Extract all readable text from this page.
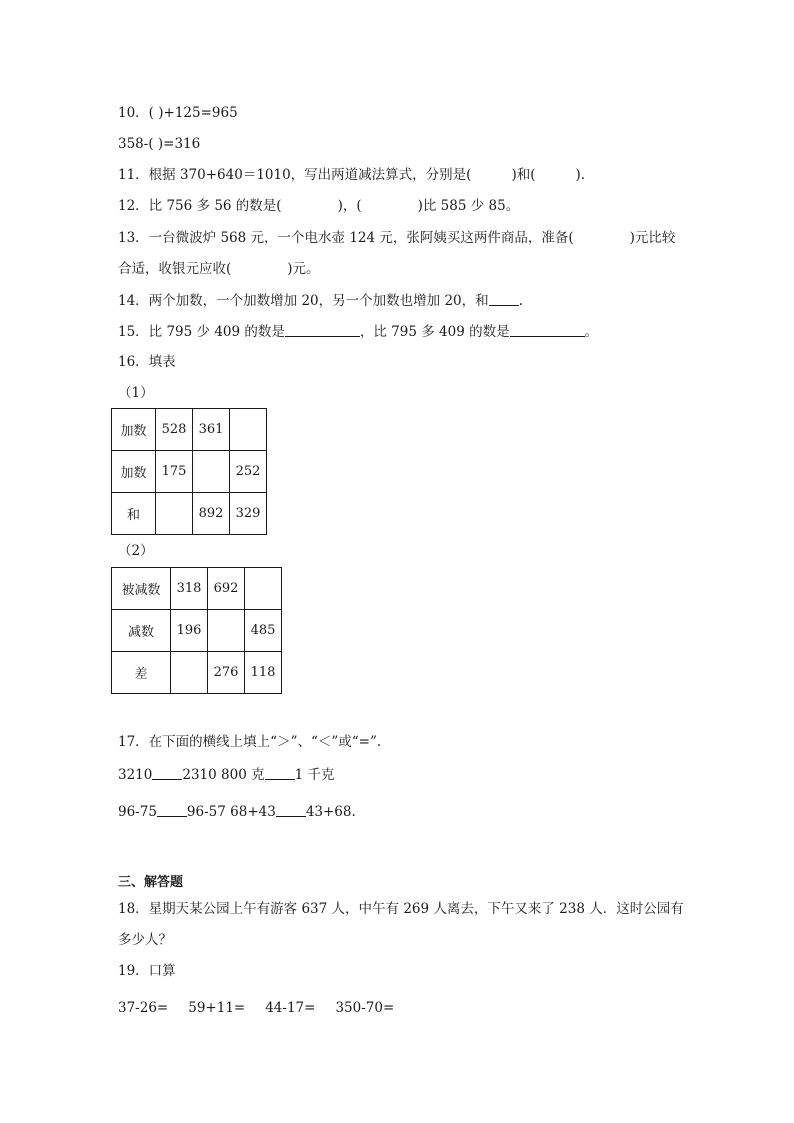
10．( )+125=965
358-( )=316
11．根据 370+640＝1010，写出两道减法算式，分别是(	)和(	).
12．比 756 多 56 的数是(	)，(	)比 585 少 85。
13．一台微波炉 568 元，一个电水壶 124 元，张阿姨买这两件商品，准备(	)元比较
合适，收银元应收(	)元。
14．两个加数，一个加数增加 20，另一个加数也增加 20，和 .
15．比 795 少 409 的数是	，比 795 多 409 的数是	。
16．填表
（1）
加数	528	361	
加数	175		252
和		892	329
（2）
被减数	318	692	
减数	196		485
差		276	118
17．在下面的横线上填上“＞”、“＜”或“=”.
3210 2310 800 克 1 千克
96-75 96-57 68+43 43+68.
三、解答题
18．星期天某公园上午有游客 637 人，中午有 269 人离去，下午又来了 238 人．这时公园有
多少人？
19．口算
37-26= 59+11= 44-17= 350-70=
